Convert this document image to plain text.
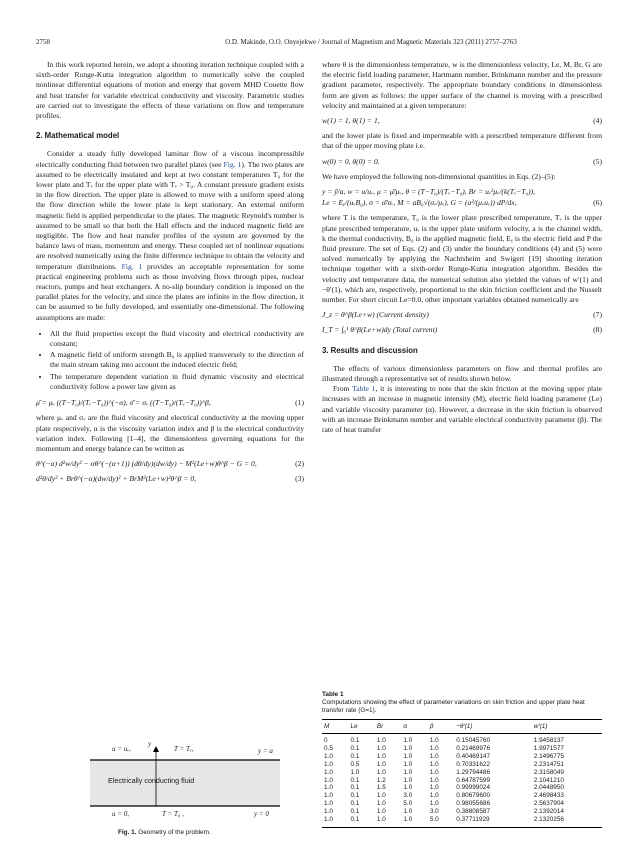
2758	O.D. Makinde, O.O. Onyejekwe / Journal of Magnetism and Magnetic Materials 323 (2011) 2757–2763

In this work reported herein, we adopt a shooting iteration technique coupled with a sixth-order Runge-Kutta integration algorithm to numerically solve the coupled nonlinear differential equations of motion and energy that govern MHD Couette flow and heat transfer for variable electrical conductivity and viscosity. Parametric studies are carried out to investigate the effects of these variations on flow and temperature profiles.

2. Mathematical model

Consider a steady fully developed laminar flow of a viscous incompressible electrically conducting fluid between two parallel plates (see Fig. 1). The two plates are assumed to be electrically insulated and kept at two constant temperatures T₀ for the lower plate and Tᵥ for the upper plate with Tᵥ > T₀. A constant pressure gradient exists in the flow direction. The upper plate is allowed to move with a uniform speed along the flow direction while the lower plate is kept stationary. An external uniform magnetic field is applied perpendicular to the plates. The magnetic Reynold's number is assumed to be small so that both the Hall effects and the induced magnetic field are negligible. The flow and heat transfer profiles of the system are governed by the balance laws of mass, momentum and energy. These coupled set of nonlinear equations are resolved numerically using the finite difference technique to obtain the velocity and temperature distributions. Fig. 1 provides an acceptable representation for some practical engineering problems such as those involving flows through pipes, nuclear reactors, pumps and heat exchangers. A no-slip boundary condition is imposed on the parallel plates for the velocity, and since the plates are infinite in the flow direction, it can be assumed to be fully developed, and essentially one-dimensional. The following assumptions are made:

• All the fluid properties except the fluid viscosity and electrical conductivity are constant;
• A magnetic field of uniform strength B₀ is applied transversely to the direction of the main stream taking into account the induced electric field;
• The temperature dependent variation in fluid dynamic viscosity and electrical conductivity follow a power law given as
μ̄ = μᵥ ((T−T₀)/(Tᵥ−T₀))^(−α), σ̄ = σᵥ ((T−T₀)/(Tᵥ−T₀))^β,	(1)

where μᵥ and σᵥ are the fluid viscosity and electrical conductivity at the moving upper plate respectively, α is the viscosity variation index and β is the electrical conductivity variation index. Following [1–4], the dimensionless governing equations for the momentum and energy balance can be written as

θ^(−α) d²w/dy² − αθ^(−(α+1)) (dθ/dy)(dw/dy) − M²(Le+w)θ^β − G = 0,	(2)
d²θ/dy² + Brθ^(−α)(dw/dy)² + BrM²(Le+w)²θ^β = 0,	(3)
u = uᵥ,
y
T = Tᵥ,	y = a
Electrically conducting fluid
u = 0,	T = T₀ ,	y = 0
Fig. 1. Geometry of the problem.

where θ is the dimensionless temperature, w is the dimensionless velocity, Le, M, Br, G are the electric field loading parameter, Hartmann number, Brinkmann number and the pressure gradient parameter, respectively. The appropriate boundary conditions in dimensionless form are given as follows: the upper surface of the channel is moving with a prescribed velocity and maintained at a given temperature:

w(1) = 1, θ(1) = 1,	(4)

and the lower plate is fixed and impermeable with a prescribed temperature different from that of the upper moving plate i.e.

w(0) = 0, θ(0) = 0.	(5)

We have employed the following non-dimensional quantities in Eqs. (2)–(5):

y = ȳ/a, w = u/uᵥ, μ = μ̄/μᵥ, θ = (T−T₀)/(Tᵥ−T₀), Br = uᵥ²μᵥ/(k(Tᵥ−T₀)),
Le = Eᵧ/(uᵥB₀), σ = σ̄/σᵥ, M = aB₀√(σᵥ/μᵥ), G = (a²/(μᵥuᵥ)) dP/dx,	(6)

where T is the temperature, T₀ is the lower plate prescribed temperature, Tᵥ is the upper plate prescribed temperature, uᵥ is the upper plate uniform velocity, a is the channel width, k the thermal conductivity, B₀ is the applied magnetic field, Eᵧ is the electric field and P the fluid pressure. The set of Eqs. (2) and (3) under the boundary conditions (4) and (5) were solved numerically by applying the Nachtsheim and Swigert [19] shooting iteration technique together with a sixth-order Runge-Kutta integration algorithm. Besides the velocity and temperature data, the numerical solution also yielded the values of w′(1) and −θ′(1), which are, respectively, proportional to the skin friction coefficient and the Nusselt number. For short circuit Le=0.0, other important variables obtained numerically are

J_z = θ^β(Le+w) (Current density)	(7)
I_T = ∫₀¹ θ^β(Le+w)dy (Total current)	(8)

3. Results and discussion

The effects of various dimensionless parameters on flow and thermal profiles are illustrated through a representative set of results shown below.

From Table 1, it is interesting to note that the skin friction at the moving upper plate increases with an increase in magnetic intensity (M), electric field loading parameter (Le) and variable viscosity parameter (α). However, a decrease in the skin friction is observed with an increase Brinkmann number and variable electrical conductivity parameter (β). The rate of heat transfer

Table 1
Computations showing the effect of parameter variations on skin friction and upper plate heat transfer rate (G=1).
M	Le	Br	α	β	−θ′(1)	w′(1)
0	0.1	1.0	1.0	1.0	0.15045760	1.9458137
0.5	0.1	1.0	1.0	1.0	0.21469976	1.9971577
1.0	0.1	1.0	1.0	1.0	0.40469147	2.1496775
1.0	0.5	1.0	1.0	1.0	0.70331622	2.2314751
1.0	1.0	1.0	1.0	1.0	1.29794486	2.3158049
1.0	0.1	1.2	1.0	1.0	0.64787599	2.1041210
1.0	0.1	1.5	1.0	1.0	0.99999024	2.0448950
1.0	0.1	1.0	3.0	1.0	0.80679600	2.4698433
1.0	0.1	1.0	5.0	1.0	0.98055686	2.5637904
1.0	0.1	1.0	1.0	3.0	0.38808587	2.1392014
1.0	0.1	1.0	1.0	5.0	0.37711929	2.1320256
